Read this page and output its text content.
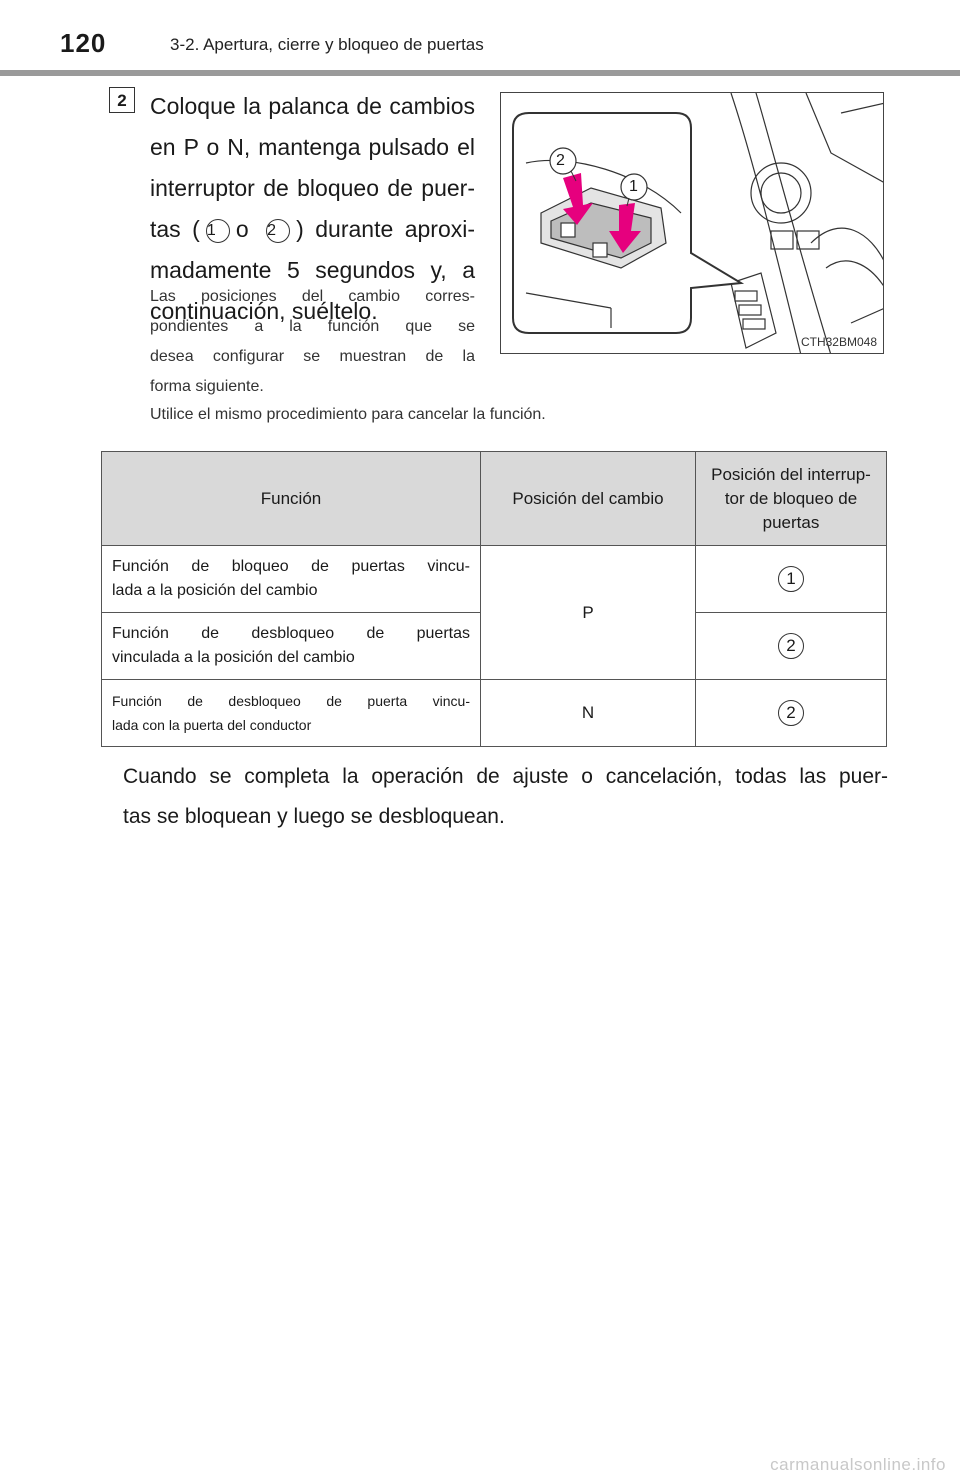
120	3-2. Apertura, cierre y bloqueo de puertas
2	Coloque la palanca de cambios
en P o N, mantenga pulsado el
interruptor de bloqueo de puer-
tas ( 1 o 2 ) durante aproxi-
madamente 5 segundos y, a
continuación, suéltelo.
Las posiciones del cambio corres-
pondientes a la función que se
desea configurar se muestran de la
forma siguiente.
2
1
CTH32BM048
Utilice el mismo procedimiento para cancelar la función.
Función	Posición del cambio	Posición del interrup-
tor de bloqueo de
puertas

Función de bloqueo de puertas vincu-
lada a la posición del cambio	P	1

Función de desbloqueo de puertas
vinculada a la posición del cambio		2

Función de desbloqueo de puerta vincu-
lada con la puerta del conductor	N	2
Cuando se completa la operación de ajuste o cancelación, todas las puer-
tas se bloquean y luego se desbloquean.
carmanualsonline.info
